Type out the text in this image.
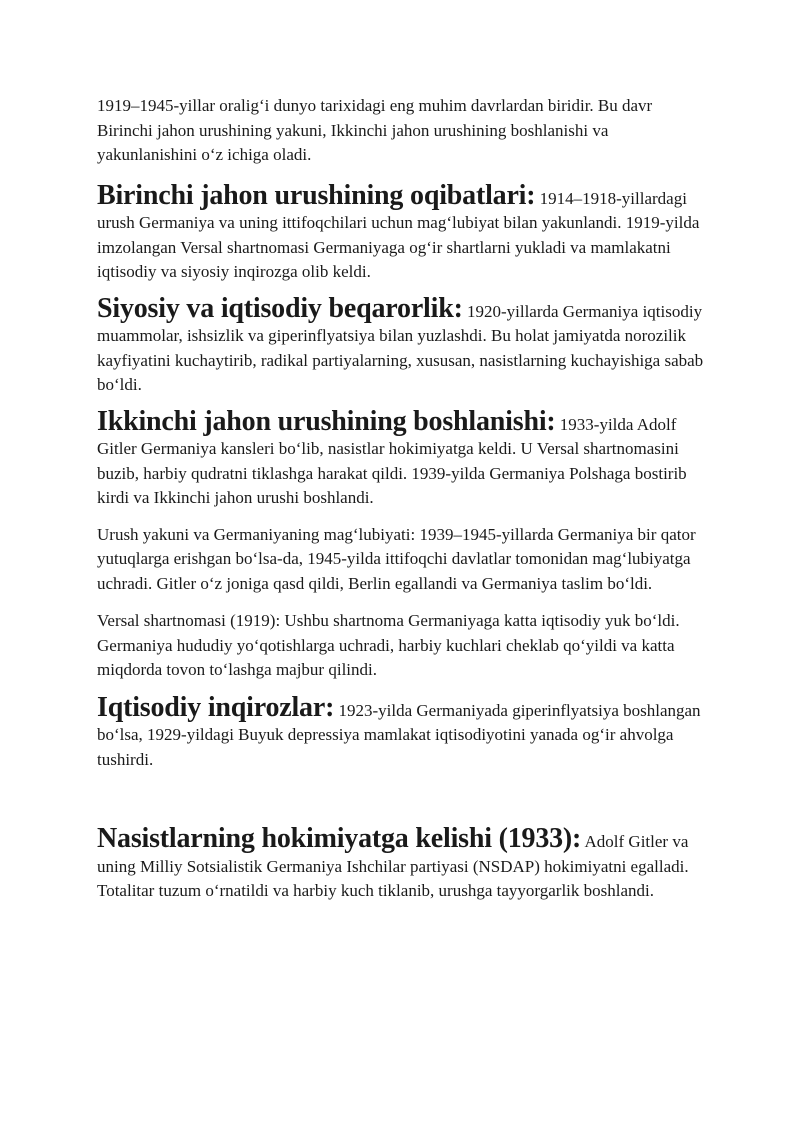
1919–1945-yillar oralig‘i dunyo tarixidagi eng muhim davrlardan biridir. Bu davr Birinchi jahon urushining yakuni, Ikkinchi jahon urushining boshlanishi va yakunlanishini o‘z ichiga oladi.

Birinchi jahon urushining oqibatlari: 1914–1918-yillardagi urush Germaniya va uning ittifoqchilari uchun mag‘lubiyat bilan yakunlandi. 1919-yilda imzolangan Versal shartnomasi Germaniyaga og‘ir shartlarni yukladi va mamlakatni iqtisodiy va siyosiy inqirozga olib keldi.

Siyosiy va iqtisodiy beqarorlik: 1920-yillarda Germaniya iqtisodiy muammolar, ishsizlik va giperinflyatsiya bilan yuzlashdi. Bu holat jamiyatda norozilik kayfiyatini kuchaytirib, radikal partiyalarning, xususan, nasistlarning kuchayishiga sabab bo‘ldi.

Ikkinchi jahon urushining boshlanishi: 1933-yilda Adolf Gitler Germaniya kansleri bo‘lib, nasistlar hokimiyatga keldi. U Versal shartnomasini buzib, harbiy qudratni tiklashga harakat qildi. 1939-yilda Germaniya Polshaga bostirib kirdi va Ikkinchi jahon urushi boshlandi.

Urush yakuni va Germaniyaning mag‘lubiyati: 1939–1945-yillarda Germaniya bir qator yutuqlarga erishgan bo‘lsa-da, 1945-yilda ittifoqchi davlatlar tomonidan mag‘lubiyatga uchradi. Gitler o‘z joniga qasd qildi, Berlin egallandi va Germaniya taslim bo‘ldi.

Versal shartnomasi (1919): Ushbu shartnoma Germaniyaga katta iqtisodiy yuk bo‘ldi. Germaniya hududiy yo‘qotishlarga uchradi, harbiy kuchlari cheklab qo‘yildi va katta miqdorda tovon to‘lashga majbur qilindi.

Iqtisodiy inqirozlar: 1923-yilda Germaniyada giperinflyatsiya boshlangan bo‘lsa, 1929-yildagi Buyuk depressiya mamlakat iqtisodiyotini yanada og‘ir ahvolga tushirdi.

Nasistlarning hokimiyatga kelishi (1933): Adolf Gitler va uning Milliy Sotsialistik Germaniya Ishchilar partiyasi (NSDAP) hokimiyatni egalladi. Totalitar tuzum o‘rnatildi va harbiy kuch tiklanib, urushga tayyorgarlik boshlandi.
